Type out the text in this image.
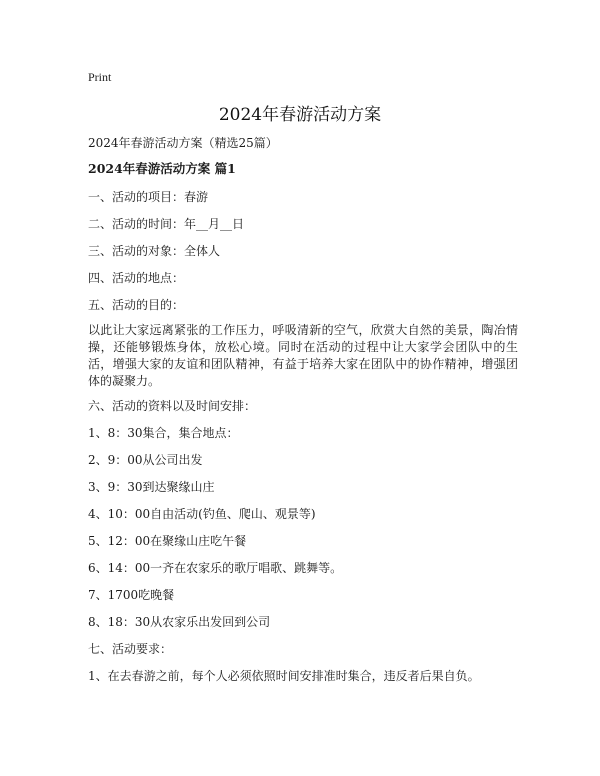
Print
2024年春游活动方案
2024年春游活动方案（精选25篇）
2024年春游活动方案 篇1
一、活动的项目：春游
二、活动的时间：年__月__日
三、活动的对象：全体人
四、活动的地点：
五、活动的目的：
以此让大家远离紧张的工作压力，呼吸清新的空气，欣赏大自然的美景，陶冶情操，还能够锻炼身体，放松心境。同时在活动的过程中让大家学会团队中的生活，增强大家的友谊和团队精神，有益于培养大家在团队中的协作精神，增强团体的凝聚力。
六、活动的资料以及时间安排：
1、8：30集合，集合地点：
2、9：00从公司出发
3、9：30到达聚缘山庄
4、10：00自由活动(钓鱼、爬山、观景等)
5、12：00在聚缘山庄吃午餐
6、14：00一齐在农家乐的歌厅唱歌、跳舞等。
7、1700吃晚餐
8、18：30从农家乐出发回到公司
七、活动要求：
1、在去春游之前，每个人必须依照时间安排准时集合，违反者后果自负。
